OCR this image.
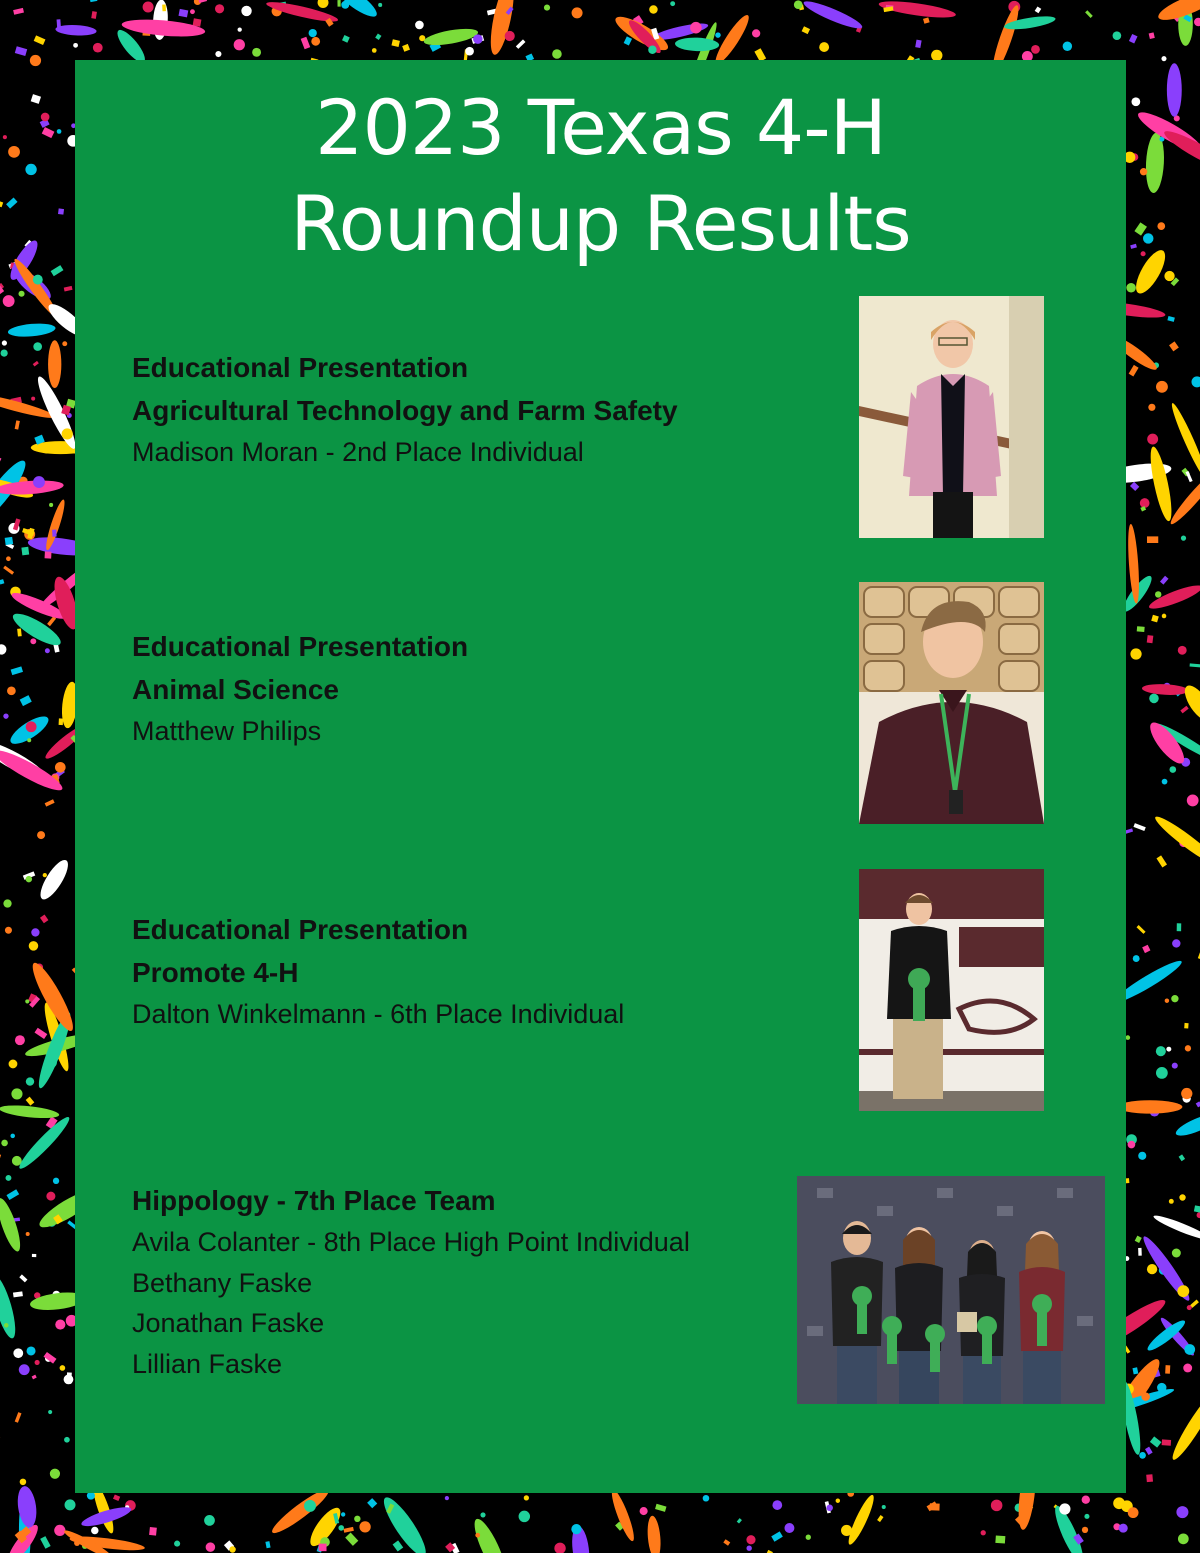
2023 Texas 4-H
Roundup Results
Educational Presentation
Agricultural Technology and Farm Safety
Madison Moran - 2nd Place Individual
Educational Presentation
Animal Science
Matthew Philips
Educational Presentation
Promote 4-H
Dalton Winkelmann - 6th Place Individual
Hippology - 7th Place Team
Avila Colanter - 8th Place High Point Individual
Bethany Faske
Jonathan Faske
Lillian Faske
